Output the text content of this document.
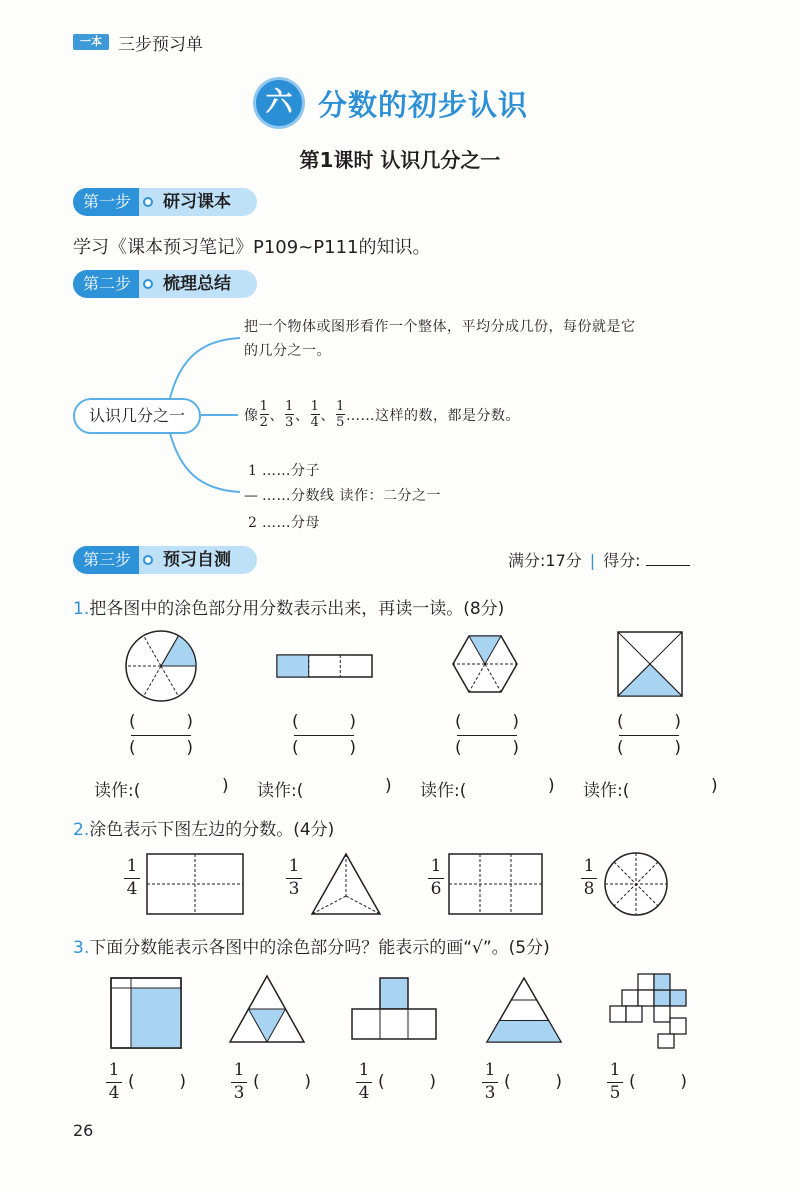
一本 三步预习单
六 分数的初步认识
第1课时 认识几分之一
第一步	研习课本
学习《课本预习笔记》P109~P111的知识。
第二步	梳理总结
认识几分之一
把一个物体或图形看作一个整体，平均分成几份，每份就是它
的几分之一。
像 $\frac{1}{2}$ 、 $\frac{1}{3}$ 、 $\frac{1}{4}$ 、 $\frac{1}{5}$ ……这样的数，都是分数。
1 ……分子
— ……分数线 读作：二分之一
2 ……分母
第三步	预习自测	满分:17分 | 得分:
1.把各图中的涂色部分用分数表示出来，再读一读。(8分)
(	)
(	)
(	)
(	)
(	)
(	)
(	)
(	)
读作:(	) 读作:(	) 读作:(	) 读作:(	)
2.涂色表示下图左边的分数。(4分)
1
4
1
3
1
6
1
8
3.下面分数能表示各图中的涂色部分吗？能表示的画“√”。(5分)
1
4
(	)
1
3
(	)
1
4
(	)
1
3
(	)
1
5
(	)
26
